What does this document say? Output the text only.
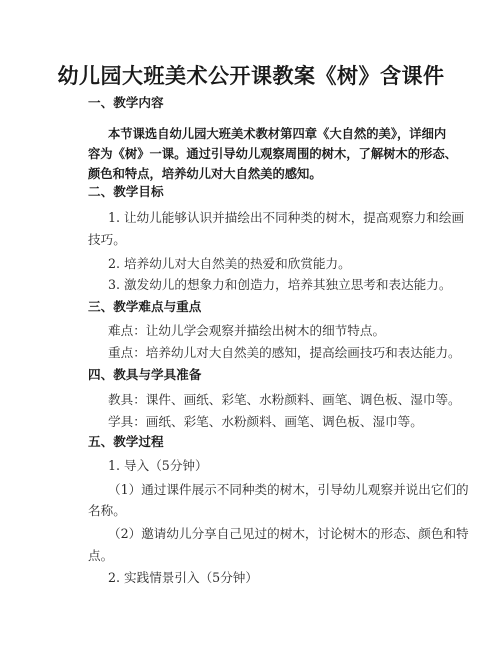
幼儿园大班美术公开课教案《树》含课件
一、教学内容
本节课选自幼儿园大班美术教材第四章《大自然的美》，详细内
容为《树》一课。通过引导幼儿观察周围的树木，了解树木的形态、
颜色和特点，培养幼儿对大自然美的感知。
二、教学目标
1. 让幼儿能够认识并描绘出不同种类的树木，提高观察力和绘画
技巧。
2. 培养幼儿对大自然美的热爱和欣赏能力。
3. 激发幼儿的想象力和创造力，培养其独立思考和表达能力。
三、教学难点与重点
难点：让幼儿学会观察并描绘出树木的细节特点。
重点：培养幼儿对大自然美的感知，提高绘画技巧和表达能力。
四、教具与学具准备
教具：课件、画纸、彩笔、水粉颜料、画笔、调色板、湿巾等。
学具：画纸、彩笔、水粉颜料、画笔、调色板、湿巾等。
五、教学过程
1. 导入（5分钟）
（1）通过课件展示不同种类的树木，引导幼儿观察并说出它们的
名称。
（2）邀请幼儿分享自己见过的树木，讨论树木的形态、颜色和特
点。
2. 实践情景引入（5分钟）
